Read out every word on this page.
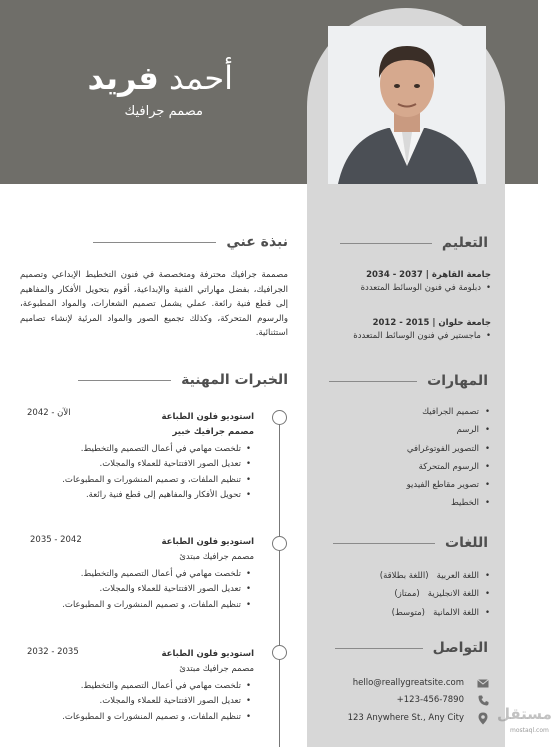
أحمد فريد
مصمم جرافيك
التعليم
جامعة القاهرة | 2034 - 2037
• دبلومة في فنون الوسائط المتعددة
جامعة حلوان | 2012 - 2015
• ماجستير في فنون الوسائط المتعددة
المهارات
• تصميم الجرافيك
• الرسم
• التصوير الفوتوغرافي
• الرسوم المتحركة
• تصوير مقاطع الفيديو
• الخطيط
اللغات
• اللغة العربية   (اللغة بطلاقة)
• اللغة الانجليزية   (ممتاز)
• اللغة الالمانية   (متوسط)
التواصل
hello@reallygreatsite.com
+123-456-7890
123 Anywhere St., Any City
نبذة عني
مصممة جرافيك محترفة ومتخصصة في فنون التخطيط الإبداعي وتصميم الجرافيك، بفضل مهاراتي الفنية والإبداعية، أقوم بتحويل الأفكار والمفاهيم إلى قطع فنية رائعة. عملي يشمل تصميم الشعارات، والمواد المطبوعة، والرسوم المتحركة، وكذلك تجميع الصور والمواد المرئية لإنشاء تصاميم استثنائية.
الخبرات المهنية
2042 - الآن	استوديو فلون الطباعة
مصمم جرافيك خبير
• تلخصت مهامي في أعمال التصميم والتخطيط.
• تعديل الصور الافتتاحية للعملاء والمجلات.
• تنظيم الملفات، و تصميم المنشورات و المطبوعات.
• تحويل الأفكار والمفاهيم إلى قطع فنية رائعة.
2035 - 2042	استوديو فلون الطباعة
مصمم جرافيك مبتدئ
• تلخصت مهامي في أعمال التصميم والتخطيط.
• تعديل الصور الافتتاحية للعملاء والمجلات.
• تنظيم الملفات، و تصميم المنشورات و المطبوعات.
2032 - 2035	استوديو فلون الطباعة
مصمم جرافيك مبتدئ
• تلخصت مهامي في أعمال التصميم والتخطيط.
• تعديل الصور الافتتاحية للعملاء والمجلات.
• تنظيم الملفات، و تصميم المنشورات و المطبوعات.	مستقل
mostaql.com
